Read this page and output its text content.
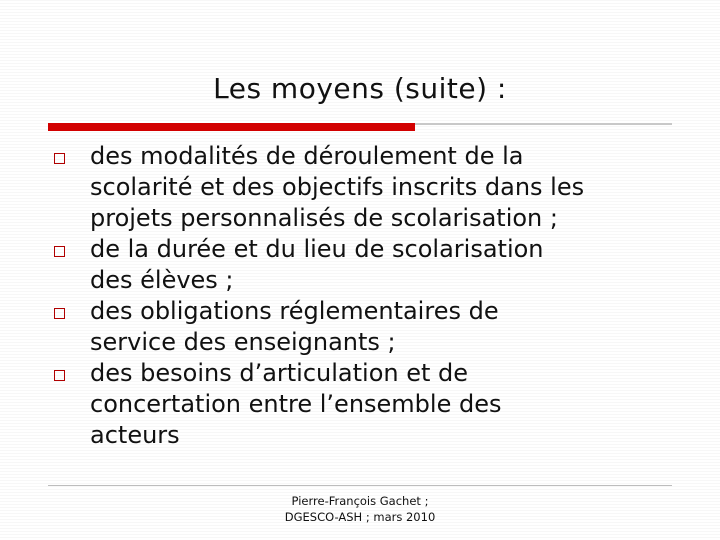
Les moyens (suite) :
des modalités de déroulement de la
scolarité et des objectifs inscrits dans les
projets personnalisés de scolarisation ;
de la durée et du lieu de scolarisation
des élèves ;
des obligations réglementaires de
service des enseignants ;
des besoins d’articulation et de
concertation entre l’ensemble des
acteurs
Pierre-François Gachet ;
DGESCO-ASH ; mars 2010
